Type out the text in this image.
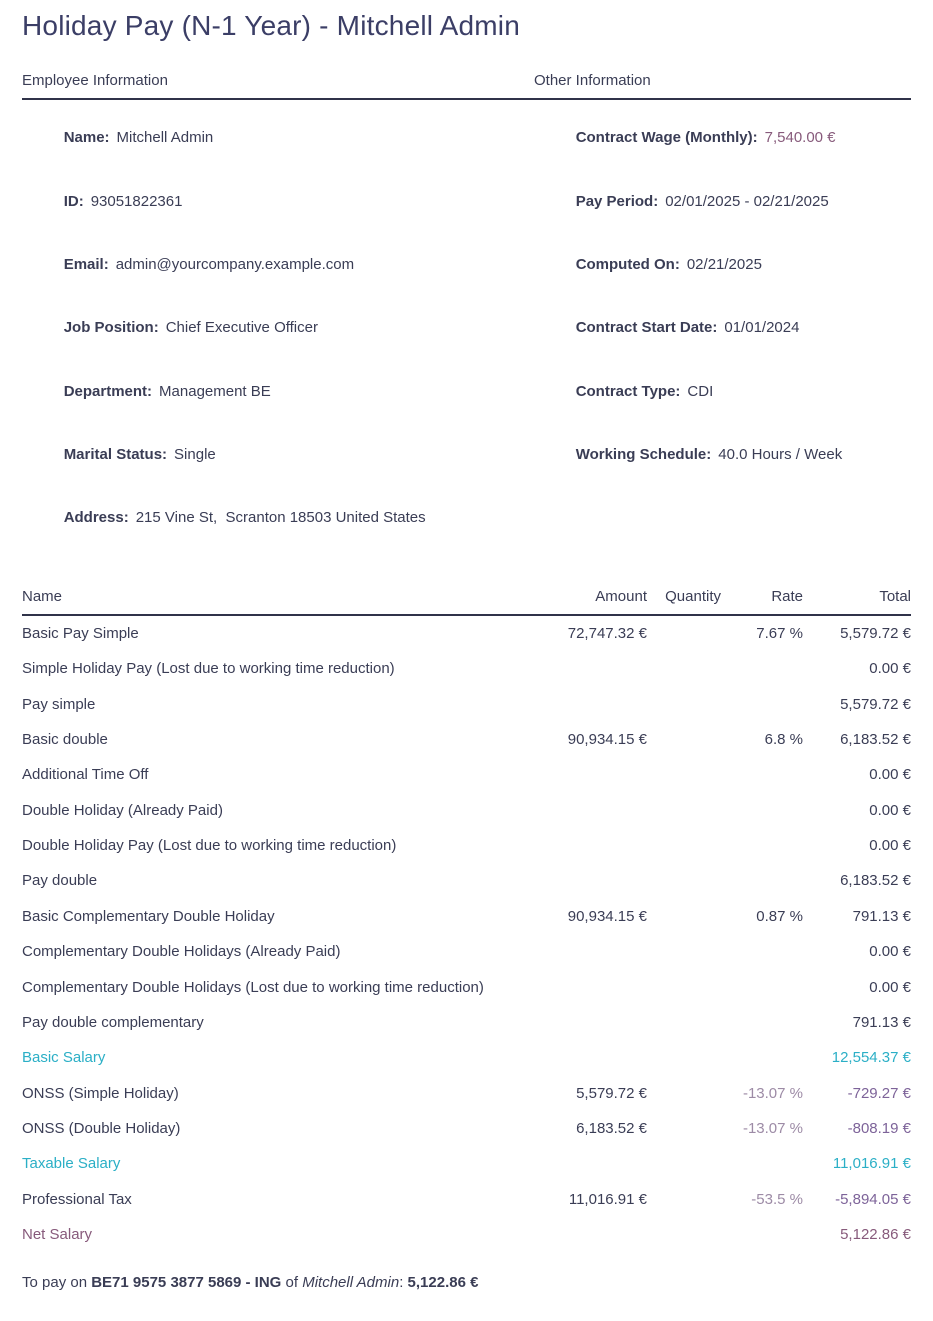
Holiday Pay (N-1 Year) - Mitchell Admin
Employee Information	Other Information

Name: Mitchell Admin

ID: 93051822361

Email: admin@yourcompany.example.com

Job Position: Chief Executive Officer

Department: Management BE

Marital Status: Single

Address: 215 Vine St,  Scranton 18503 United States

Contract Wage (Monthly): 7,540.00 €

Pay Period: 02/01/2025 - 02/21/2025

Computed On: 02/21/2025

Contract Start Date: 01/01/2024

Contract Type: CDI

Working Schedule: 40.0 Hours / Week

Name	Amount	Quantity	Rate	Total
Basic Pay Simple	72,747.32 €		7.67 %	5,579.72 €
Simple Holiday Pay (Lost due to working time reduction)				0.00 €
Pay simple				5,579.72 €
Basic double	90,934.15 €		6.8 %	6,183.52 €
Additional Time Off				0.00 €
Double Holiday (Already Paid)				0.00 €
Double Holiday Pay (Lost due to working time reduction)				0.00 €
Pay double				6,183.52 €
Basic Complementary Double Holiday	90,934.15 €		0.87 %	791.13 €
Complementary Double Holidays (Already Paid)				0.00 €
Complementary Double Holidays (Lost due to working time reduction)				0.00 €
Pay double complementary				791.13 €
Basic Salary				12,554.37 €
ONSS (Simple Holiday)	5,579.72 €		-13.07 %	-729.27 €
ONSS (Double Holiday)	6,183.52 €		-13.07 %	-808.19 €
Taxable Salary				11,016.91 €
Professional Tax	11,016.91 €		-53.5 %	-5,894.05 €
Net Salary				5,122.86 €

To pay on BE71 9575 3877 5869 - ING of Mitchell Admin: 5,122.86 €
